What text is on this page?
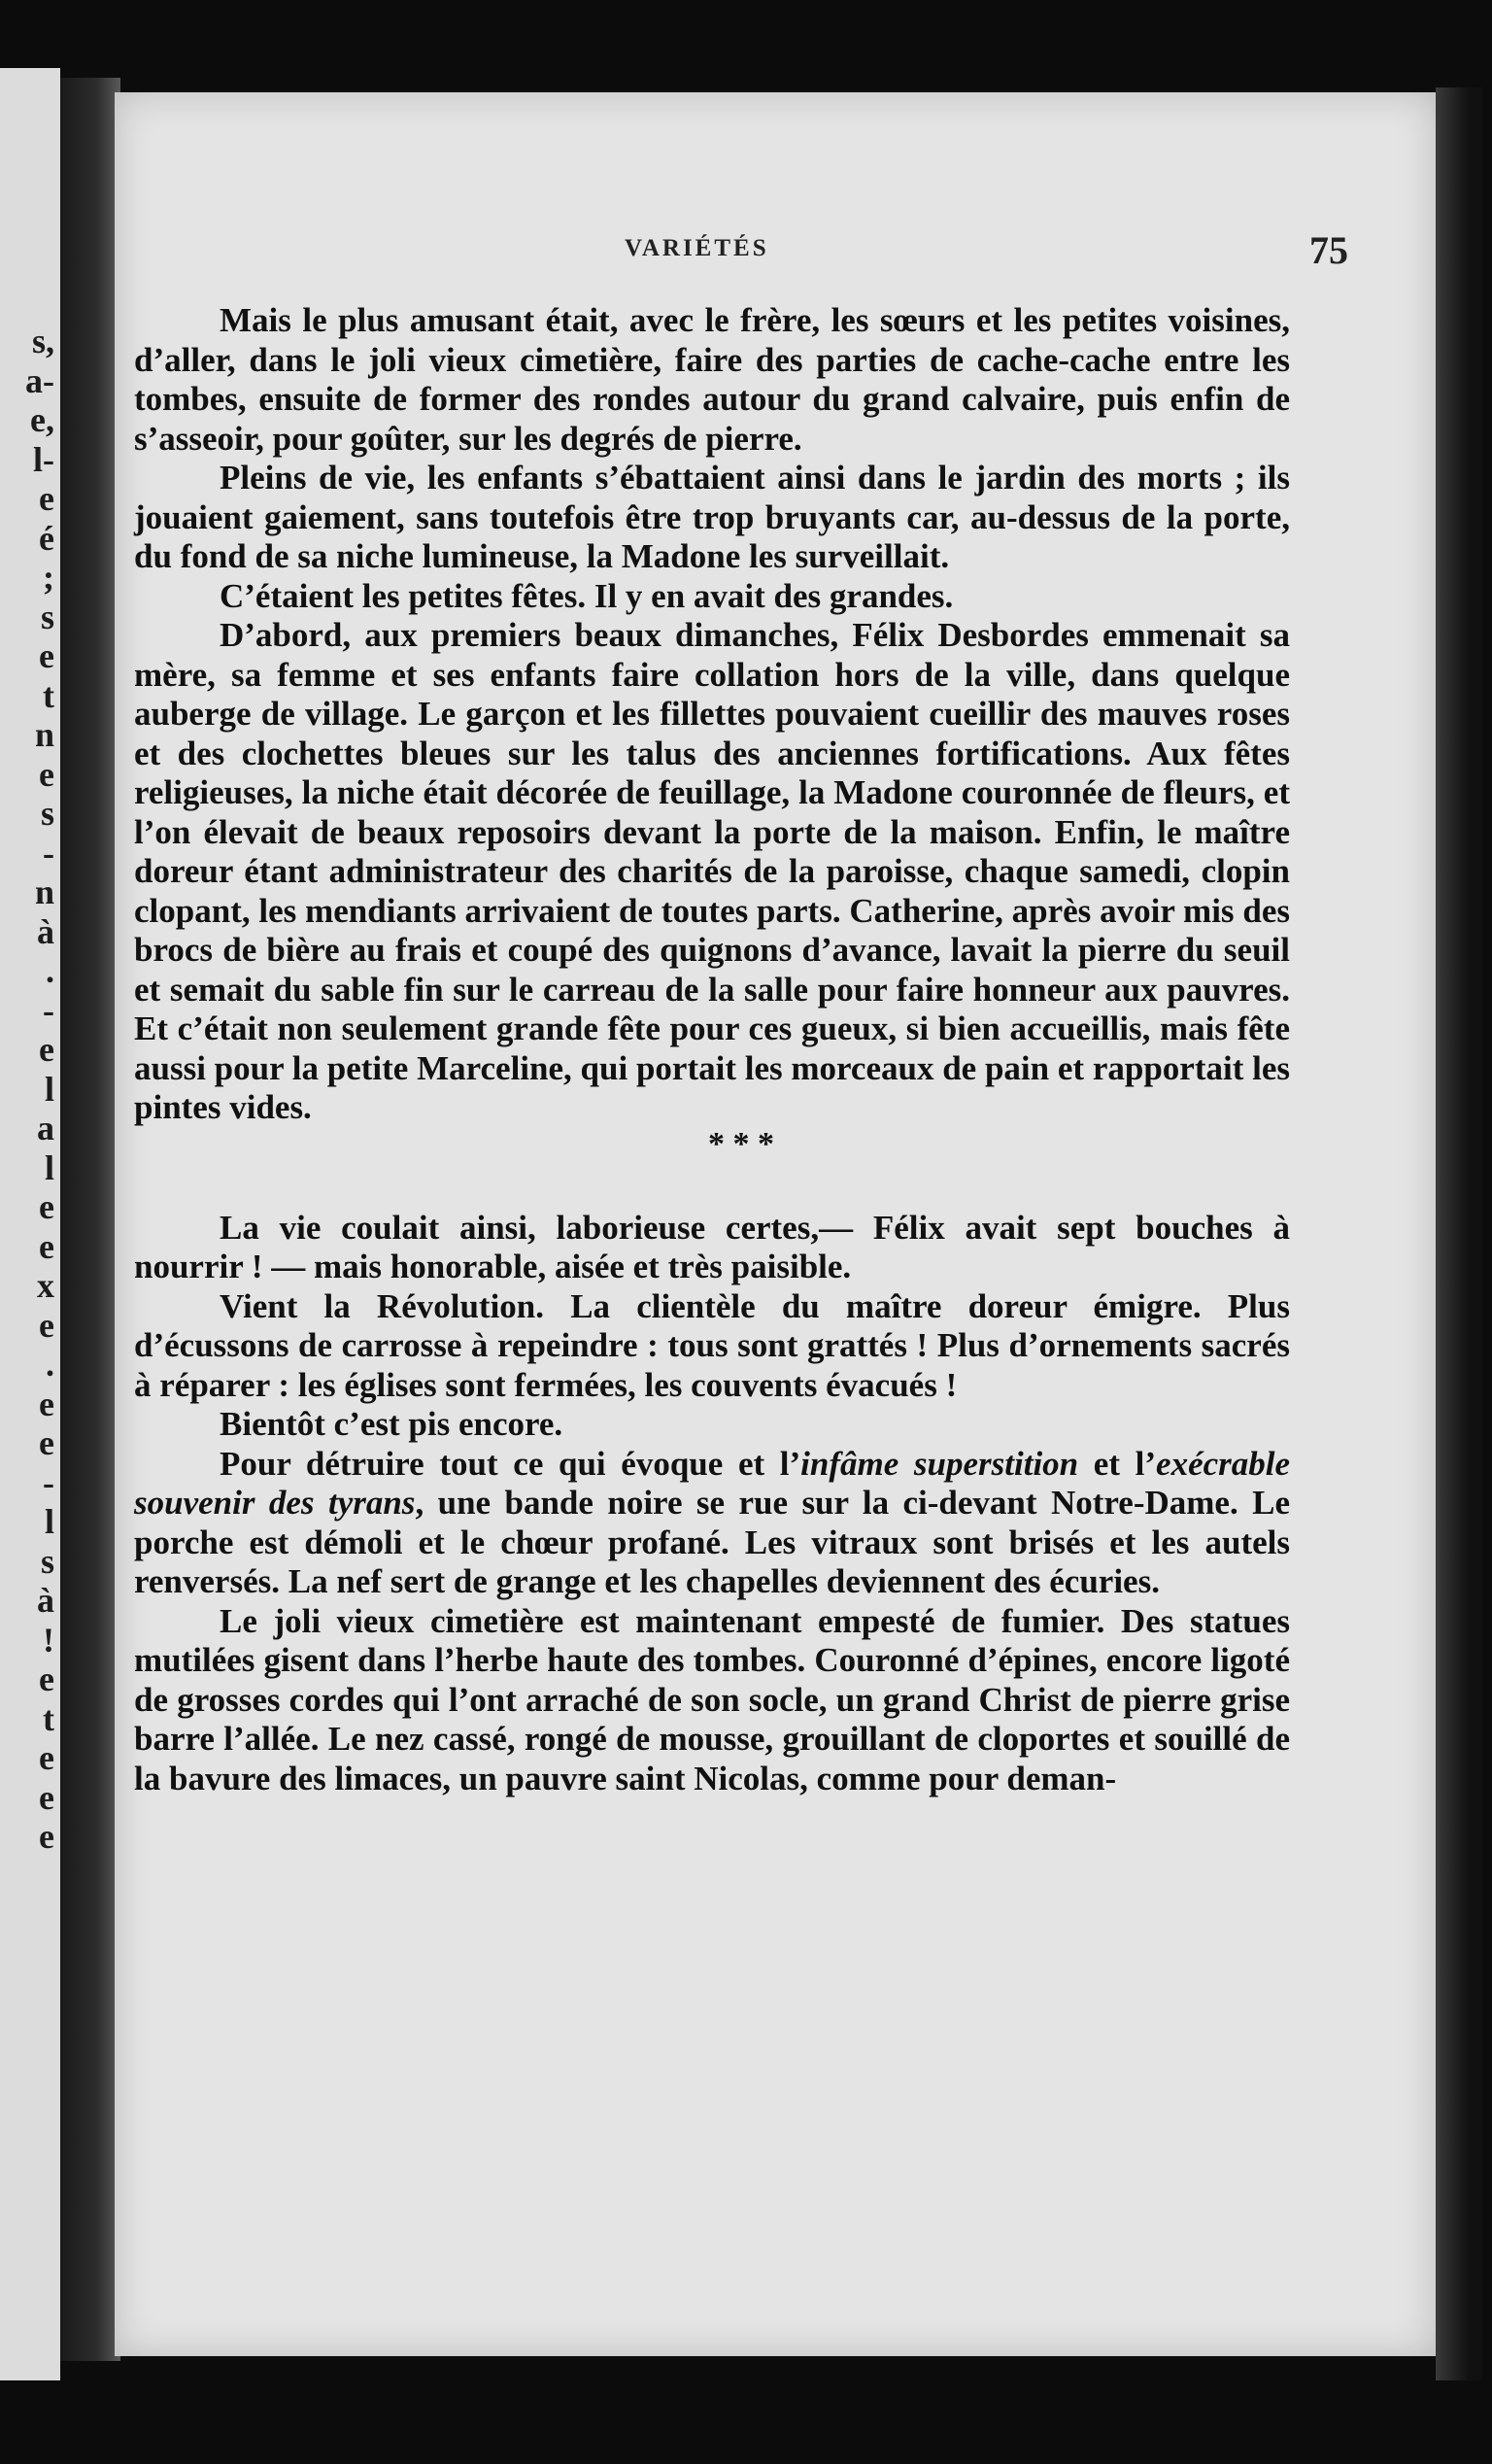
s,
a-
e,
l-
e
é
;
s
e
t
n
e
s
-
n
à
.
-
e
l
a
l
e
e
x
e
.
e
e
-
l
s
à
!
e
t
e
e
e
VARIÉTÉS	75

Mais le plus amusant était, avec le frère, les sœurs et les petites voisines, d’aller, dans le joli vieux cimetière, faire des parties de cache-cache entre les tombes, ensuite de former des rondes autour du grand calvaire, puis enfin de s’asseoir, pour goûter, sur les degrés de pierre.

Pleins de vie, les enfants s’ébattaient ainsi dans le jardin des morts ; ils jouaient gaiement, sans toutefois être trop bruyants car, au-dessus de la porte, du fond de sa niche lumineuse, la Madone les surveillait.

C’étaient les petites fêtes. Il y en avait des grandes.

D’abord, aux premiers beaux dimanches, Félix Desbordes emmenait sa mère, sa femme et ses enfants faire collation hors de la ville, dans quelque auberge de village. Le garçon et les fillettes pouvaient cueillir des mauves roses et des clochettes bleues sur les talus des anciennes fortifications. Aux fêtes religieuses, la niche était décorée de feuillage, la Madone couronnée de fleurs, et l’on élevait de beaux reposoirs devant la porte de la maison. Enfin, le maître doreur étant administrateur des charités de la paroisse, chaque samedi, clopin clopant, les mendiants arrivaient de toutes parts. Catherine, après avoir mis des brocs de bière au frais et coupé des quignons d’avance, lavait la pierre du seuil et semait du sable fin sur le carreau de la salle pour faire honneur aux pauvres. Et c’était non seulement grande fête pour ces gueux, si bien accueillis, mais fête aussi pour la petite Marceline, qui portait les morceaux de pain et rapportait les pintes vides.

* * *

La vie coulait ainsi, laborieuse certes,— Félix avait sept bouches à nourrir ! — mais honorable, aisée et très paisible.

Vient la Révolution. La clientèle du maître doreur émigre. Plus d’écussons de carrosse à repeindre : tous sont grattés ! Plus d’ornements sacrés à réparer : les églises sont fermées, les couvents évacués !

Bientôt c’est pis encore.

Pour détruire tout ce qui évoque et l’infâme superstition et l’exécrable souvenir des tyrans, une bande noire se rue sur la ci-devant Notre-Dame. Le porche est démoli et le chœur profané. Les vitraux sont brisés et les autels renversés. La nef sert de grange et les chapelles deviennent des écuries.

Le joli vieux cimetière est maintenant empesté de fumier. Des statues mutilées gisent dans l’herbe haute des tombes. Couronné d’épines, encore ligoté de grosses cordes qui l’ont arraché de son socle, un grand Christ de pierre grise barre l’allée. Le nez cassé, rongé de mousse, grouillant de cloportes et souillé de la bavure des limaces, un pauvre saint Nicolas, comme pour deman-
